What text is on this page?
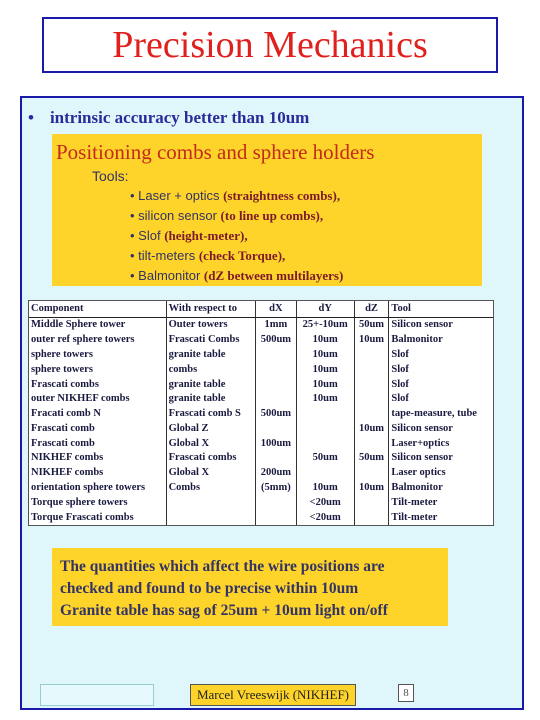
Precision Mechanics
• intrinsic accuracy better than 10um
Positioning combs and sphere holders
Tools:
• Laser + optics (straightness combs),
• silicon sensor (to line up combs),
• Slof (height-meter),
• tilt-meters (check Torque),
• Balmonitor (dZ between multilayers)
Component	With respect to	dX	dY	dZ	Tool
Middle Sphere tower	Outer towers	1mm	25+-10um	50um	Silicon sensor
outer ref sphere towers	Frascati Combs	500um	10um	10um	Balmonitor
sphere towers	granite table		10um		Slof
sphere towers	combs		10um		Slof
Frascati combs	granite table		10um		Slof
outer NIKHEF combs	granite table		10um		Slof
Fracati comb N	Frascati comb S	500um			tape-measure, tube
Frascati comb	Global Z			10um	Silicon sensor
Frascati comb	Global X	100um			Laser+optics
NIKHEF combs	Frascati combs		50um	50um	Silicon sensor
NIKHEF combs	Global X	200um			Laser optics
orientation sphere towers	Combs	(5mm)	10um	10um	Balmonitor
Torque sphere towers			<20um		Tilt-meter
Torque Frascati combs			<20um		Tilt-meter
The quantities which affect the wire positions are
checked and found to be precise within 10um
Granite table has sag of 25um + 10um light on/off
Marcel Vreeswijk (NIKHEF)	8
